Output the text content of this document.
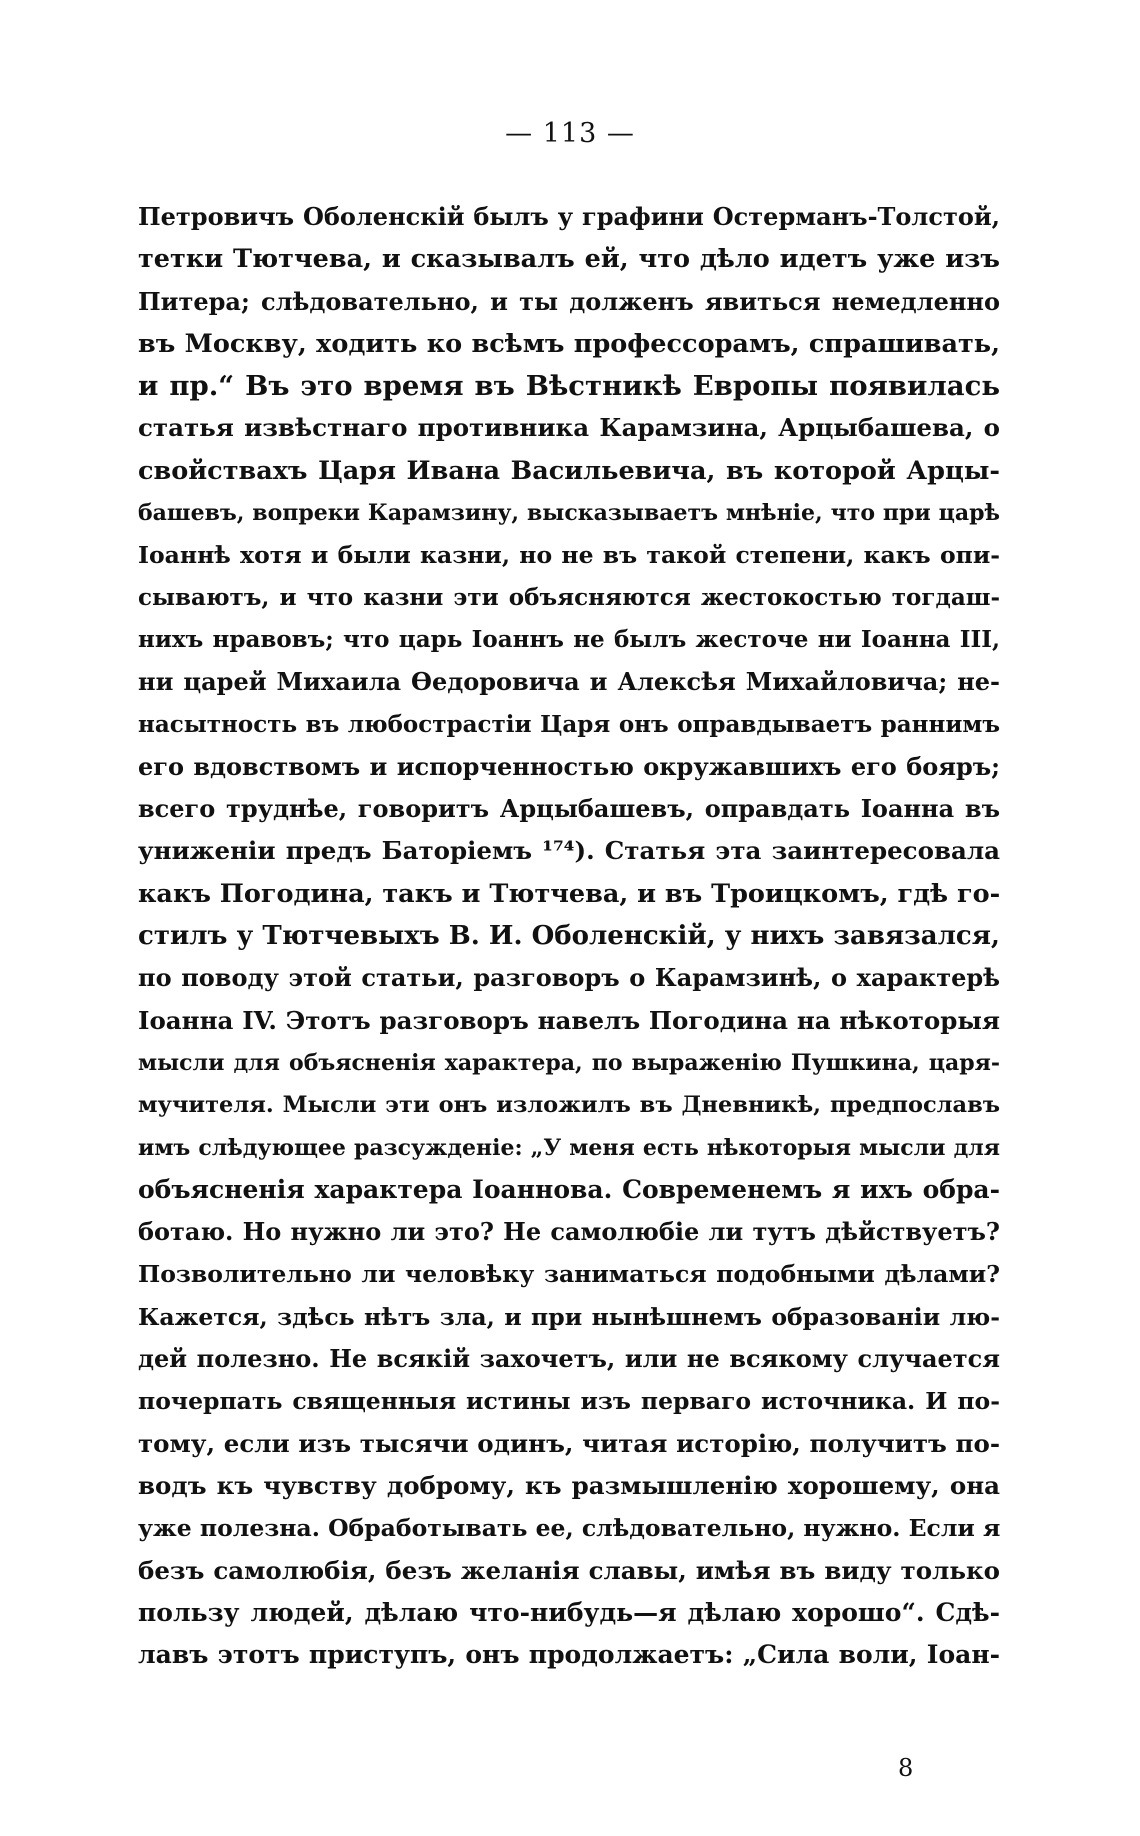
— 113 —
Петровичъ Оболенскій былъ у графини Остерманъ-Толстой,
тетки Тютчева, и сказывалъ ей, что дѣло идетъ уже изъ
Питера; слѣдовательно, и ты долженъ явиться немедленно
въ Москву, ходить ко всѣмъ профессорамъ, спрашивать,
и пр.“ Въ это время въ Вѣстникѣ Европы появилась
статья извѣстнаго противника Карамзина, Арцыбашева, о
свойствахъ Царя Ивана Васильевича, въ которой Арцы-
башевъ, вопреки Карамзину, высказываетъ мнѣніе, что при царѣ
Іоаннѣ хотя и были казни, но не въ такой степени, какъ опи-
сываютъ, и что казни эти объясняются жестокостью тогдаш-
нихъ нравовъ; что царь Іоаннъ не былъ жесточе ни Іоанна III,
ни царей Михаила Ѳедоровича и Алексѣя Михайловича; не-
насытность въ любострастіи Царя онъ оправдываетъ раннимъ
его вдовствомъ и испорченностью окружавшихъ его бояръ;
всего труднѣе, говоритъ Арцыбашевъ, оправдать Іоанна въ
униженіи предъ Баторіемъ ¹⁷⁴). Статья эта заинтересовала
какъ Погодина, такъ и Тютчева, и въ Троицкомъ, гдѣ го-
стилъ у Тютчевыхъ В. И. Оболенскій, у нихъ завязался,
по поводу этой статьи, разговоръ о Карамзинѣ, о характерѣ
Іоанна IV. Этотъ разговоръ навелъ Погодина на нѣкоторыя
мысли для объясненія характера, по выраженію Пушкина, царя-
мучителя. Мысли эти онъ изложилъ въ Дневникѣ, предпославъ
имъ слѣдующее разсужденіе: „У меня есть нѣкоторыя мысли для
объясненія характера Іоаннова. Современемъ я ихъ обра-
ботаю. Но нужно ли это? Не самолюбіе ли тутъ дѣйствуетъ?
Позволительно ли человѣку заниматься подобными дѣлами?
Кажется, здѣсь нѣтъ зла, и при нынѣшнемъ образованіи лю-
дей полезно. Не всякій захочетъ, или не всякому случается
почерпать священныя истины изъ перваго источника. И по-
тому, если изъ тысячи одинъ, читая исторію, получитъ по-
водъ къ чувству доброму, къ размышленію хорошему, она
уже полезна. Обработывать ее, слѣдовательно, нужно. Если я
безъ самолюбія, безъ желанія славы, имѣя въ виду только
пользу людей, дѣлаю что-нибудь—я дѣлаю хорошо“. Сдѣ-
лавъ этотъ приступъ, онъ продолжаетъ: „Сила воли, Іоан-
8
